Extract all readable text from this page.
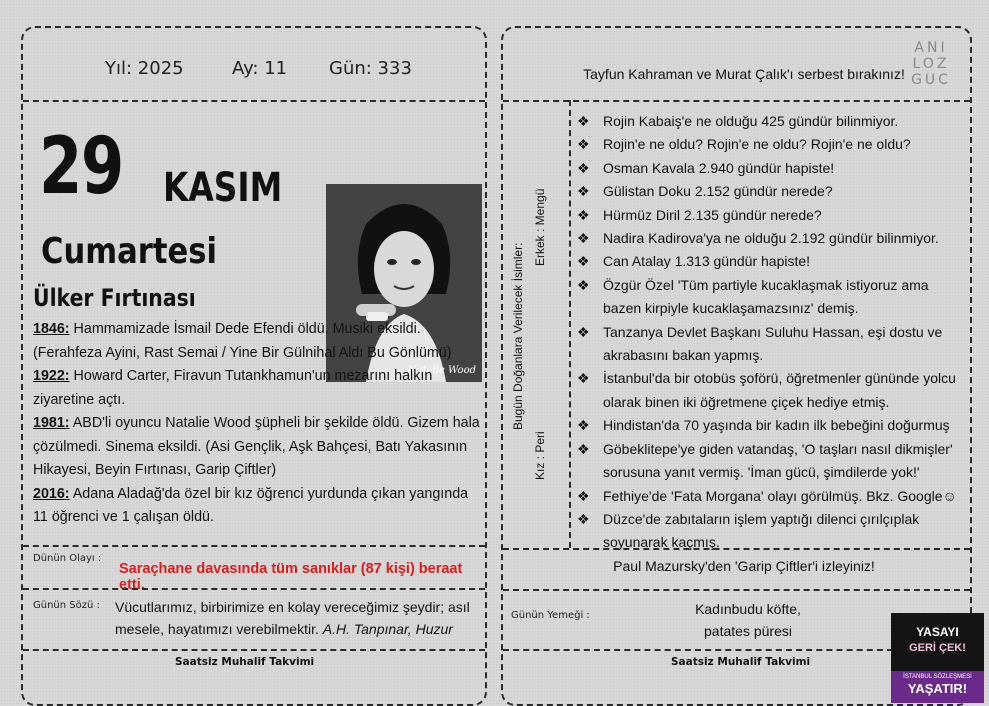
Yıl: 2025	Ay: 11 Gün: 333
29 KASIM
Cumartesi
Ülker Fırtınası
Natalie Wood

1846: Hammamizade İsmail Dede Efendi öldü. Musiki eksildi. (Ferahfeza Ayini, Rast Semai / Yine Bir Gülnihal Aldı Bu Gönlümü)

1922: Howard Carter, Firavun Tutankhamun'un mezarını halkın ziyaretine açtı.

1981: ABD'li oyuncu Natalie Wood şüpheli bir şekilde öldü. Gizem hala çözülmedi. Sinema eksildi. (Asi Gençlik, Aşk Bahçesi, Batı Yakasının Hikayesi, Beyin Fırtınası, Garip Çiftler)

2016: Adana Aladağ'da özel bir kız öğrenci yurdunda çıkan yangında 11 öğrenci ve 1 çalışan öldü.

Dünün Olayı :
Saraçhane davasında tüm sanıklar (87 kişi) beraat etti.
Günün Sözü : Vücutlarımız, birbirimize en kolay vereceğimiz şeydir; asıl mesele, hayatımızı verebilmektir. A.H. Tanpınar, Huzur
Saatsiz Muhalif Takvimi
Tayfun Kahraman ve Murat Çalık'ı serbest bırakınız!
ANI
LOZ
GUC
Bugün Doğanlara Verilecek İsimler:
Erkek : Mengü
Kız : Peri
❖ Rojin Kabaiş'e ne olduğu 425 gündür bilinmiyor.
❖ Rojin'e ne oldu? Rojin'e ne oldu? Rojin'e ne oldu?
❖ Osman Kavala 2.940 gündür hapiste!
❖ Gülistan Doku 2.152 gündür nerede?
❖ Hürmüz Diril 2.135 gündür nerede?
❖ Nadira Kadirova'ya ne olduğu 2.192 gündür bilinmiyor.
❖ Can Atalay 1.313 gündür hapiste!
❖ Özgür Özel 'Tüm partiyle kucaklaşmak istiyoruz ama bazen kirpiyle kucaklaşamazsınız' demiş.
❖ Tanzanya Devlet Başkanı Suluhu Hassan, eşi dostu ve akrabasını bakan yapmış.
❖ İstanbul'da bir otobüs şoförü, öğretmenler gününde yolcu olarak binen iki öğretmene çiçek hediye etmiş.
❖ Hindistan'da 70 yaşında bir kadın ilk bebeğini doğurmuş
❖ Göbeklitepe'ye giden vatandaş, 'O taşları nasıl dikmişler' sorusuna yanıt vermiş. 'İman gücü, şimdilerde yok!'
❖ Fethiye'de 'Fata Morgana' olayı görülmüş. Bkz. Google☺
❖ Düzce'de zabıtaların işlem yaptığı dilenci çırılçıplak soyunarak kaçmış.
Paul Mazursky'den 'Garip Çiftler'i izleyiniz!
Günün Yemeği :	Kadınbudu köfte,
patates püresi
Saatsiz Muhalif Takvimi
YASAYI
GERİ ÇEK!
İSTANBUL SÖZLEŞMESİ
YAŞATIR!
